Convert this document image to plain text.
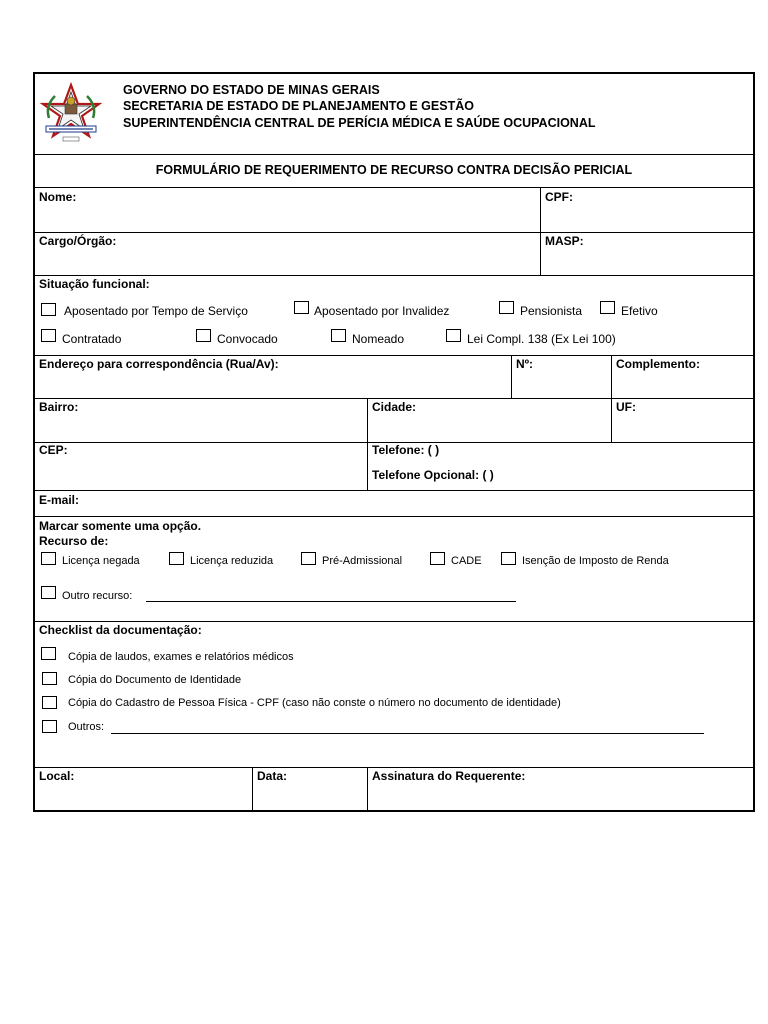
GOVERNO DO ESTADO DE MINAS GERAIS
SECRETARIA DE ESTADO DE PLANEJAMENTO E GESTÃO
SUPERINTENDÊNCIA CENTRAL DE PERÍCIA MÉDICA E SAÚDE OCUPACIONAL
FORMULÁRIO DE REQUERIMENTO DE RECURSO CONTRA DECISÃO PERICIAL
Nome:	CPF:
Cargo/Órgão:	MASP:
Situação funcional:
Aposentado por Tempo de Serviço	Aposentado por Invalidez	Pensionista	Efetivo
Contratado	Convocado	Nomeado	Lei Compl. 138 (Ex Lei 100)
Endereço para correspondência (Rua/Av):	Nº:	Complemento:
Bairro:	Cidade:	UF:
CEP:	Telefone: ( )
Telefone Opcional: ( )
E-mail:
Marcar somente uma opção.
Recurso de:
Licença negada	Licença reduzida	Pré-Admissional	CADE	Isenção de Imposto de Renda
Outro recurso:
Checklist da documentação:
Cópia de laudos, exames e relatórios médicos
Cópia do Documento de Identidade
Cópia do Cadastro de Pessoa Física - CPF (caso não conste o número no documento de identidade)
Outros:
Local:	Data:	Assinatura do Requerente:
